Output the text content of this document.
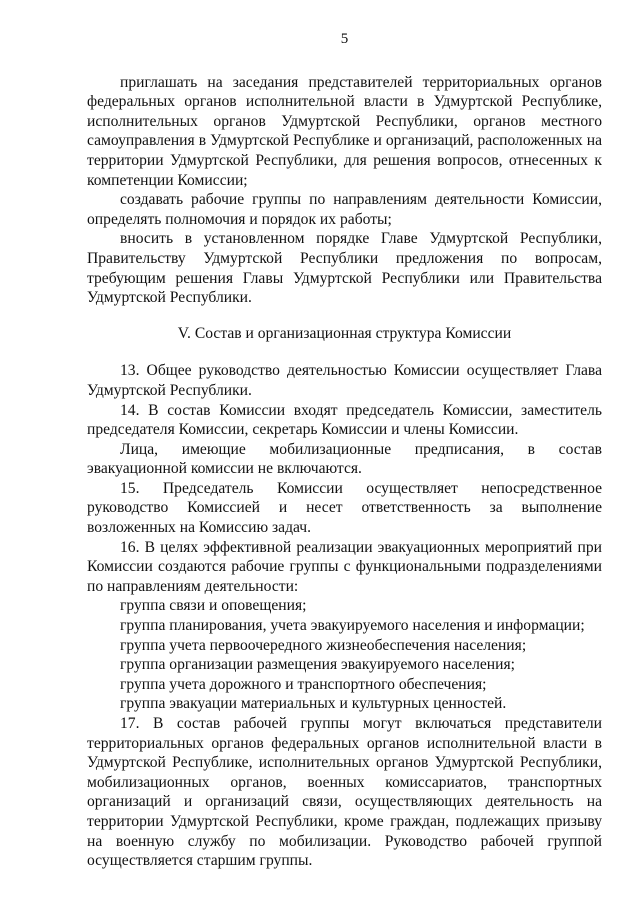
5

приглашать на заседания представителей территориальных органов федеральных органов исполнительной власти в Удмуртской Республике, исполнительных органов Удмуртской Республики, органов местного самоуправления в Удмуртской Республике и организаций, расположенных на территории Удмуртской Республики, для решения вопросов, отнесенных к компетенции Комиссии;

создавать рабочие группы по направлениям деятельности Комиссии, определять полномочия и порядок их работы;

вносить в установленном порядке Главе Удмуртской Республики, Правительству Удмуртской Республики предложения по вопросам, требующим решения Главы Удмуртской Республики или Правительства Удмуртской Республики.

V. Состав и организационная структура Комиссии

13. Общее руководство деятельностью Комиссии осуществляет Глава Удмуртской Республики.

14. В состав Комиссии входят председатель Комиссии, заместитель председателя Комиссии, секретарь Комиссии и члены Комиссии.

Лица, имеющие мобилизационные предписания, в состав эвакуационной комиссии не включаются.

15. Председатель Комиссии осуществляет непосредственное руководство Комиссией и несет ответственность за выполнение возложенных на Комиссию задач.

16. В целях эффективной реализации эвакуационных мероприятий при Комиссии создаются рабочие группы с функциональными подразделениями по направлениям деятельности:

группа связи и оповещения;

группа планирования, учета эвакуируемого населения и информации;

группа учета первоочередного жизнеобеспечения населения;

группа организации размещения эвакуируемого населения;

группа учета дорожного и транспортного обеспечения;

группа эвакуации материальных и культурных ценностей.

17. В состав рабочей группы могут включаться представители территориальных органов федеральных органов исполнительной власти в Удмуртской Республике, исполнительных органов Удмуртской Республики, мобилизационных органов, военных комиссариатов, транспортных организаций и организаций связи, осуществляющих деятельность на территории Удмуртской Республики, кроме граждан, подлежащих призыву на военную службу по мобилизации. Руководство рабочей группой осуществляется старшим группы.
